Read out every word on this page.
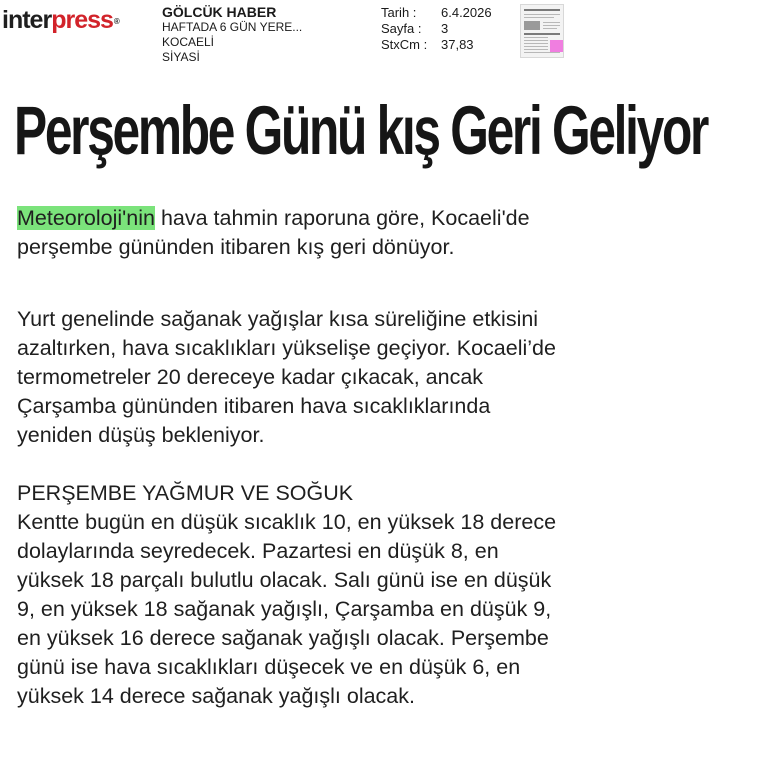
interpress®
GÖLCÜK HABER
HAFTADA 6 GÜN YERE...
KOCAELİ
SİYASİ
Tarih :	6.4.2026
Sayfa :	3
StxCm :	37,83
Perşembe Günü kış Geri Geliyor

Meteoroloji'nin hava tahmin raporuna göre, Kocaeli'de
perşembe gününden itibaren kış geri dönüyor.

Yurt genelinde sağanak yağışlar kısa süreliğine etkisini
azaltırken, hava sıcaklıkları yükselişe geçiyor. Kocaeli’de
termometreler 20 dereceye kadar çıkacak, ancak
Çarşamba gününden itibaren hava sıcaklıklarında
yeniden düşüş bekleniyor.

PERŞEMBE YAĞMUR VE SOĞUK

Kentte bugün en düşük sıcaklık 10, en yüksek 18 derece
dolaylarında seyredecek. Pazartesi en düşük 8, en
yüksek 18 parçalı bulutlu olacak. Salı günü ise en düşük
9, en yüksek 18 sağanak yağışlı, Çarşamba en düşük 9,
en yüksek 16 derece sağanak yağışlı olacak. Perşembe
günü ise hava sıcaklıkları düşecek ve en düşük 6, en
yüksek 14 derece sağanak yağışlı olacak.
